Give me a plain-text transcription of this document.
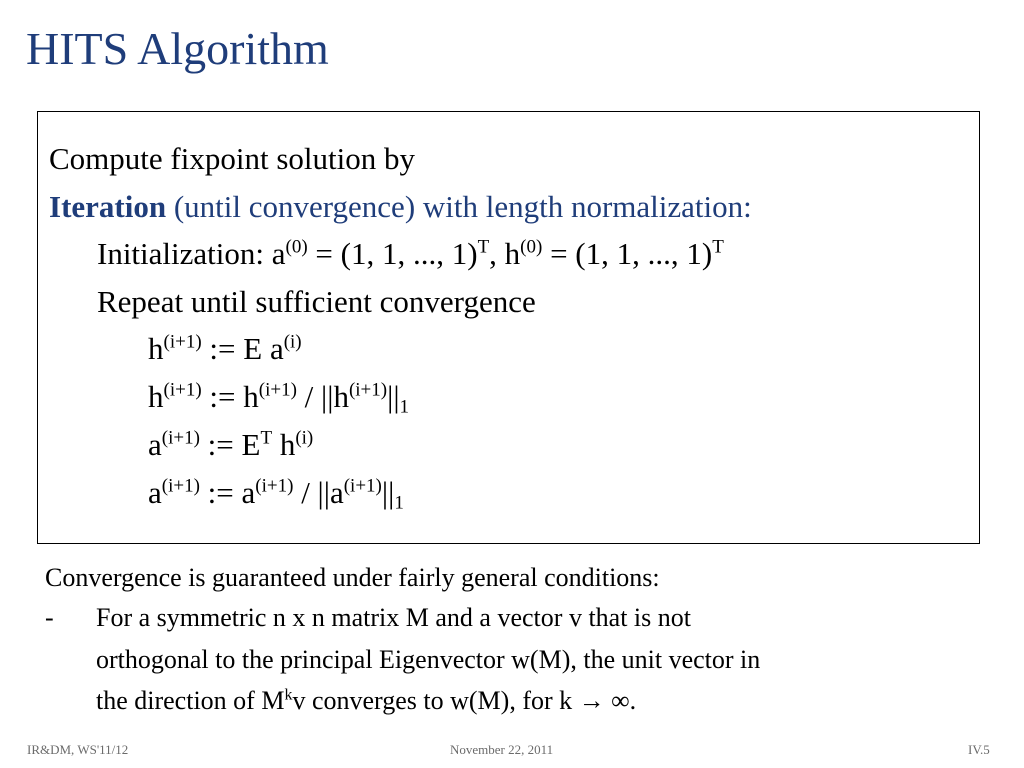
HITS Algorithm
Compute fixpoint solution by
Iteration (until convergence) with length normalization:
Initialization: $a^{(0)} = (1$, 1, ..., 1)$^T$, $h^{(0)} = (1$, 1, ..., 1)$^T$
Repeat until sufficient convergence
$h^{(i+1)}$ := E $a^{(i)}$
$h^{(i+1)}$ := $h^{(i+1)} / ||h^{(i+1)}||_1$
$a^{(i+1)}$ := $E^T$ $h^{(i)}$
$a^{(i+1)}$ := $a^{(i+1)} / ||a^{(i+1)}||_1$
Convergence is guaranteed under fairly general conditions:
- For a symmetric n x n matrix M and a vector v that is not
orthogonal to the principal Eigenvector w(M), the unit vector in
the direction of $M^kv$ converges to w(M), for k → ∞.
IR&DM, WS'11/12	November 22, 2011	IV.5
